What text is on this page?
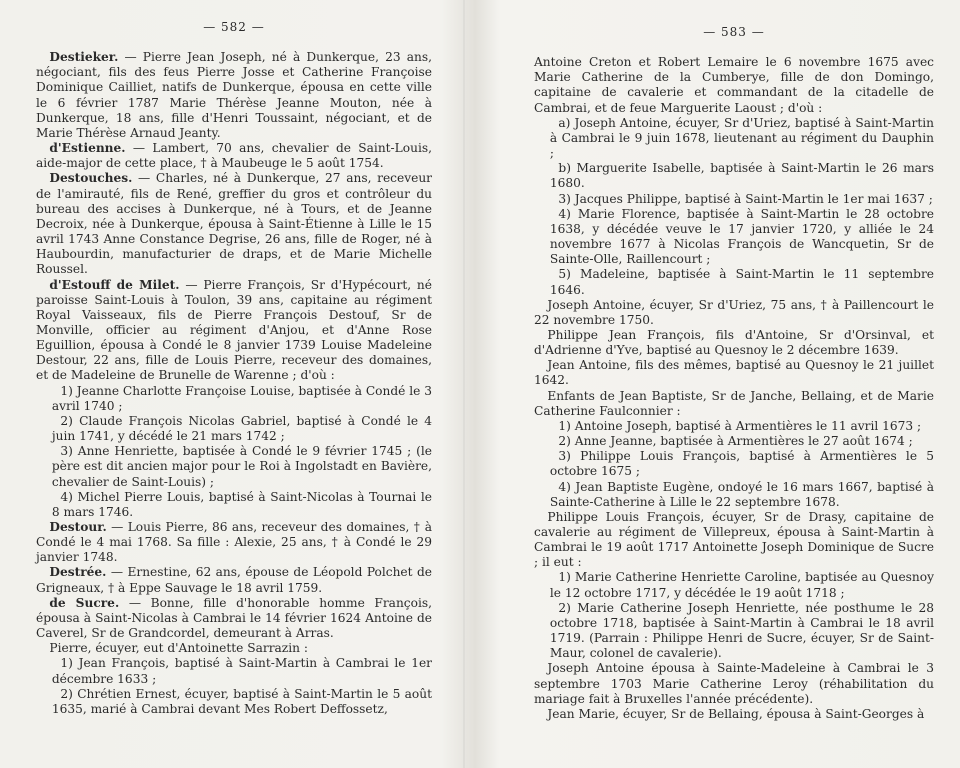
— 582 —

Destieker. — Pierre Jean Joseph, né à Dunkerque, 23 ans, négociant, fils des feus Pierre Josse et Catherine Françoise Dominique Cailliet, natifs de Dunkerque, épousa en cette ville le 6 février 1787 Marie Thérèse Jeanne Mouton, née à Dunkerque, 18 ans, fille d'Henri Toussaint, négociant, et de Marie Thérèse Arnaud Jeanty.

d'Estienne. — Lambert, 70 ans, chevalier de Saint-Louis, aide-major de cette place, † à Maubeuge le 5 août 1754.

Destouches. — Charles, né à Dunkerque, 27 ans, receveur de l'amirauté, fils de René, greffier du gros et contrôleur du bureau des accises à Dunkerque, né à Tours, et de Jeanne Decroix, née à Dunkerque, épousa à Saint-Étienne à Lille le 15 avril 1743 Anne Constance Degrise, 26 ans, fille de Roger, né à Haubourdin, manufacturier de draps, et de Marie Michelle Roussel.

d'Estouff de Milet. — Pierre François, Sr d'Hypécourt, né paroisse Saint-Louis à Toulon, 39 ans, capitaine au régiment Royal Vaisseaux, fils de Pierre François Destouf, Sr de Monville, officier au régiment d'Anjou, et d'Anne Rose Eguillion, épousa à Condé le 8 janvier 1739 Louise Madeleine Destour, 22 ans, fille de Louis Pierre, receveur des domaines, et de Madeleine de Brunelle de Warenne ; d'où :

1) Jeanne Charlotte Françoise Louise, baptisée à Condé le 3 avril 1740 ;

2) Claude François Nicolas Gabriel, baptisé à Condé le 4 juin 1741, y décédé le 21 mars 1742 ;

3) Anne Henriette, baptisée à Condé le 9 février 1745 ; (le père est dit ancien major pour le Roi à Ingolstadt en Bavière, chevalier de Saint-Louis) ;

4) Michel Pierre Louis, baptisé à Saint-Nicolas à Tournai le 8 mars 1746.

Destour. — Louis Pierre, 86 ans, receveur des domaines, † à Condé le 4 mai 1768. Sa fille : Alexie, 25 ans, † à Condé le 29 janvier 1748.

Destrée. — Ernestine, 62 ans, épouse de Léopold Polchet de Grigneaux, † à Eppe Sauvage le 18 avril 1759.

de Sucre. — Bonne, fille d'honorable homme François, épousa à Saint-Nicolas à Cambrai le 14 février 1624 Antoine de Caverel, Sr de Grandcordel, demeurant à Arras.

Pierre, écuyer, eut d'Antoinette Sarrazin :

1) Jean François, baptisé à Saint-Martin à Cambrai le 1er décembre 1633 ;

2) Chrétien Ernest, écuyer, baptisé à Saint-Martin le 5 août 1635, marié à Cambrai devant Mes Robert Deffossetz,

— 583 —

Antoine Creton et Robert Lemaire le 6 novembre 1675 avec Marie Catherine de la Cumberye, fille de don Domingo, capitaine de cavalerie et commandant de la citadelle de Cambrai, et de feue Marguerite Laoust ; d'où :

a) Joseph Antoine, écuyer, Sr d'Uriez, baptisé à Saint-Martin à Cambrai le 9 juin 1678, lieutenant au régiment du Dauphin ;

b) Marguerite Isabelle, baptisée à Saint-Martin le 26 mars 1680.

3) Jacques Philippe, baptisé à Saint-Martin le 1er mai 1637 ;

4) Marie Florence, baptisée à Saint-Martin le 28 octobre 1638, y décédée veuve le 17 janvier 1720, y alliée le 24 novembre 1677 à Nicolas François de Wancquetin, Sr de Sainte-Olle, Raillencourt ;

5) Madeleine, baptisée à Saint-Martin le 11 septembre 1646.

Joseph Antoine, écuyer, Sr d'Uriez, 75 ans, † à Paillencourt le 22 novembre 1750.

Philippe Jean François, fils d'Antoine, Sr d'Orsinval, et d'Adrienne d'Yve, baptisé au Quesnoy le 2 décembre 1639.

Jean Antoine, fils des mêmes, baptisé au Quesnoy le 21 juillet 1642.

Enfants de Jean Baptiste, Sr de Janche, Bellaing, et de Marie Catherine Faulconnier :

1) Antoine Joseph, baptisé à Armentières le 11 avril 1673 ;

2) Anne Jeanne, baptisée à Armentières le 27 août 1674 ;

3) Philippe Louis François, baptisé à Armentières le 5 octobre 1675 ;

4) Jean Baptiste Eugène, ondoyé le 16 mars 1667, baptisé à Sainte-Catherine à Lille le 22 septembre 1678.

Philippe Louis François, écuyer, Sr de Drasy, capitaine de cavalerie au régiment de Villepreux, épousa à Saint-Martin à Cambrai le 19 août 1717 Antoinette Joseph Dominique de Sucre ; il eut :

1) Marie Catherine Henriette Caroline, baptisée au Quesnoy le 12 octobre 1717, y décédée le 19 août 1718 ;

2) Marie Catherine Joseph Henriette, née posthume le 28 octobre 1718, baptisée à Saint-Martin à Cambrai le 18 avril 1719. (Parrain : Philippe Henri de Sucre, écuyer, Sr de Saint-Maur, colonel de cavalerie).

Joseph Antoine épousa à Sainte-Madeleine à Cambrai le 3 septembre 1703 Marie Catherine Leroy (réhabilitation du mariage fait à Bruxelles l'année précédente).

Jean Marie, écuyer, Sr de Bellaing, épousa à Saint-Georges à
